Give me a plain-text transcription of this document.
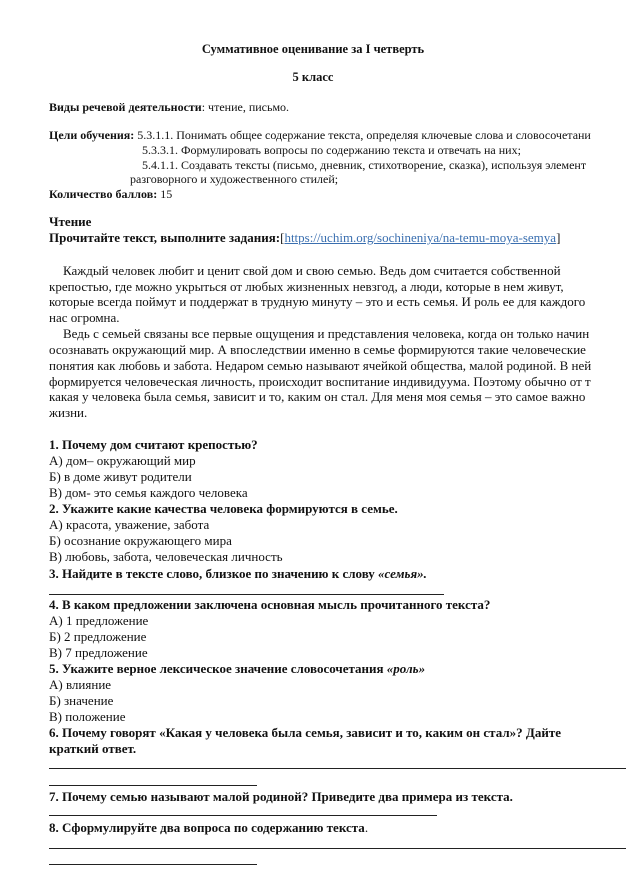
Суммативное оценивание за I четверть
5 класс
Виды речевой деятельности: чтение, письмо.
Цели обучения: 5.3.1.1. Понимать общее содержание текста, определяя ключевые слова и словосочетани
5.3.3.1. Формулировать вопросы по содержанию текста и отвечать на них;
5.4.1.1. Создавать тексты (письмо, дневник, стихотворение, сказка), используя элемент
разговорного и художественного стилей;
Количество баллов: 15
Чтение
Прочитайте текст, выполните задания:[https://uchim.org/sochineniya/na-temu-moya-semya]
Каждый человек любит и ценит свой дом и свою семью. Ведь дом считается собственной
крепостью, где можно укрыться от любых жизненных невзгод, а люди, которые в нем живут,
которые всегда поймут и поддержат в трудную минуту – это и есть семья. И роль ее для каждого
нас огромна.
Ведь с семьей связаны все первые ощущения и представления человека, когда он только начин
осознавать окружающий мир. А впоследствии именно в семье формируются такие человеческие
понятия как любовь и забота. Недаром семью называют ячейкой общества, малой родиной. В ней
формируется человеческая личность, происходит воспитание индивидуума. Поэтому обычно от т
какая у человека была семья, зависит и то, каким он стал. Для меня моя семья – это самое важно
жизни.
1. Почему дом считают крепостью?
А) дом– окружающий мир
Б) в доме живут родители
В) дом- это семья каждого человека
2. Укажите какие качества человека формируются в семье.
А) красота, уважение, забота
Б) осознание окружающего мира
В) любовь, забота, человеческая личность
3. Найдите в тексте слово, близкое по значению к слову «семья».
4. В каком предложении заключена основная мысль прочитанного текста?
А) 1 предложение
Б) 2 предложение
В) 7 предложение
5. Укажите верное лексическое значение словосочетания «роль»
А) влияние
Б) значение
В) положение
6. Почему говорят «Какая у человека была семья, зависит и то, каким он стал»? Дайте
краткий ответ.
7. Почему семью называют малой родиной? Приведите два примера из текста.
8. Сформулируйте два вопроса по содержанию текста.
